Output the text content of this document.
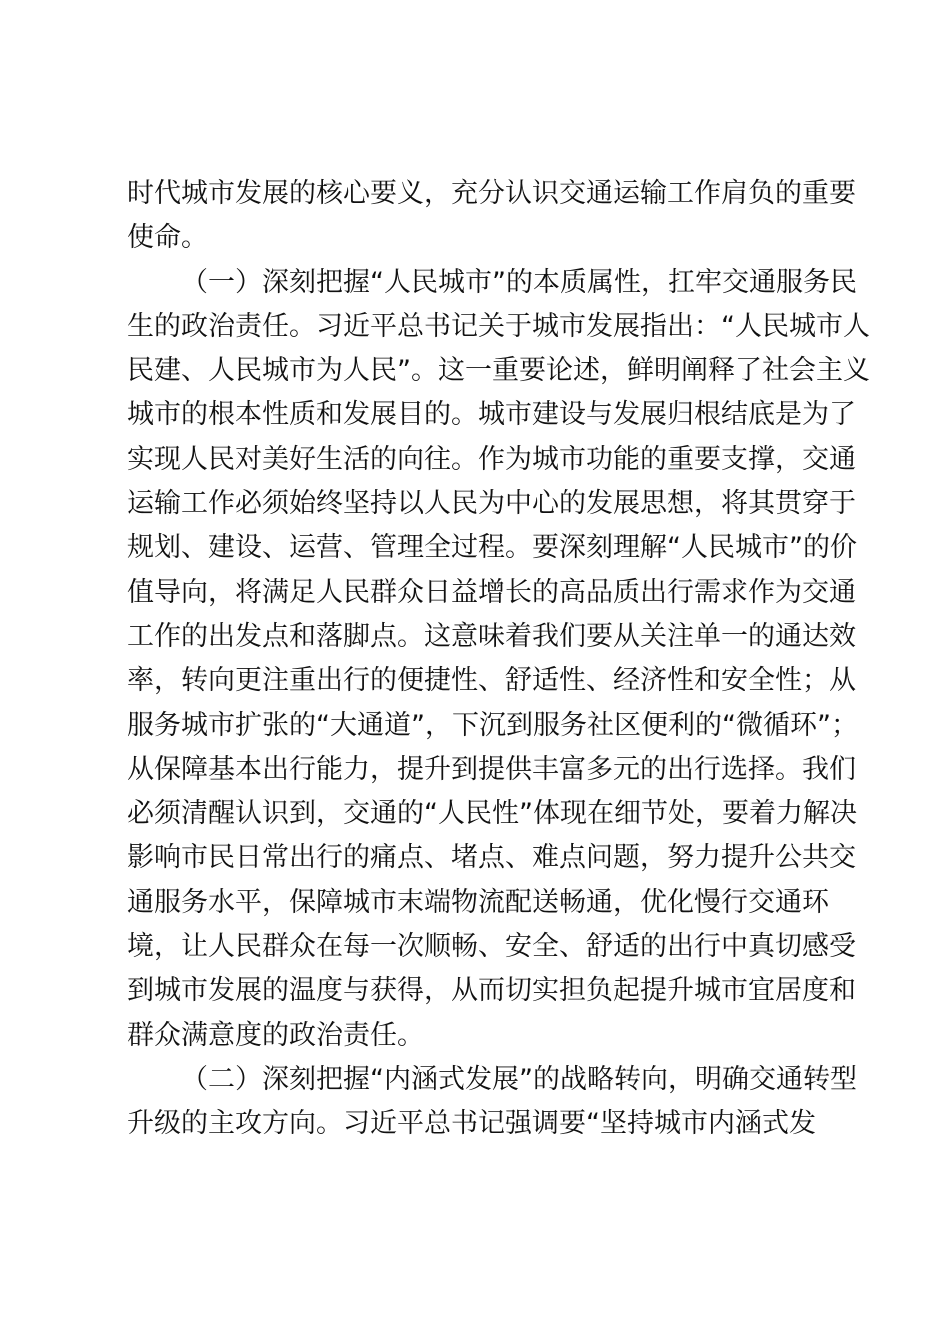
时代城市发展的核心要义，充分认识交通运输工作肩负的重要
使命。
（一）深刻把握“人民城市”的本质属性，扛牢交通服务民
生的政治责任。习近平总书记关于城市发展指出：“人民城市人
民建、人民城市为人民”。这一重要论述，鲜明阐释了社会主义
城市的根本性质和发展目的。城市建设与发展归根结底是为了
实现人民对美好生活的向往。作为城市功能的重要支撑，交通
运输工作必须始终坚持以人民为中心的发展思想，将其贯穿于
规划、建设、运营、管理全过程。要深刻理解“人民城市”的价
值导向，将满足人民群众日益增长的高品质出行需求作为交通
工作的出发点和落脚点。这意味着我们要从关注单一的通达效
率，转向更注重出行的便捷性、舒适性、经济性和安全性；从
服务城市扩张的“大通道”，下沉到服务社区便利的“微循环”；
从保障基本出行能力，提升到提供丰富多元的出行选择。我们
必须清醒认识到，交通的“人民性”体现在细节处，要着力解决
影响市民日常出行的痛点、堵点、难点问题，努力提升公共交
通服务水平，保障城市末端物流配送畅通，优化慢行交通环
境，让人民群众在每一次顺畅、安全、舒适的出行中真切感受
到城市发展的温度与获得，从而切实担负起提升城市宜居度和
群众满意度的政治责任。
（二）深刻把握“内涵式发展”的战略转向，明确交通转型
升级的主攻方向。习近平总书记强调要“坚持城市内涵式发
